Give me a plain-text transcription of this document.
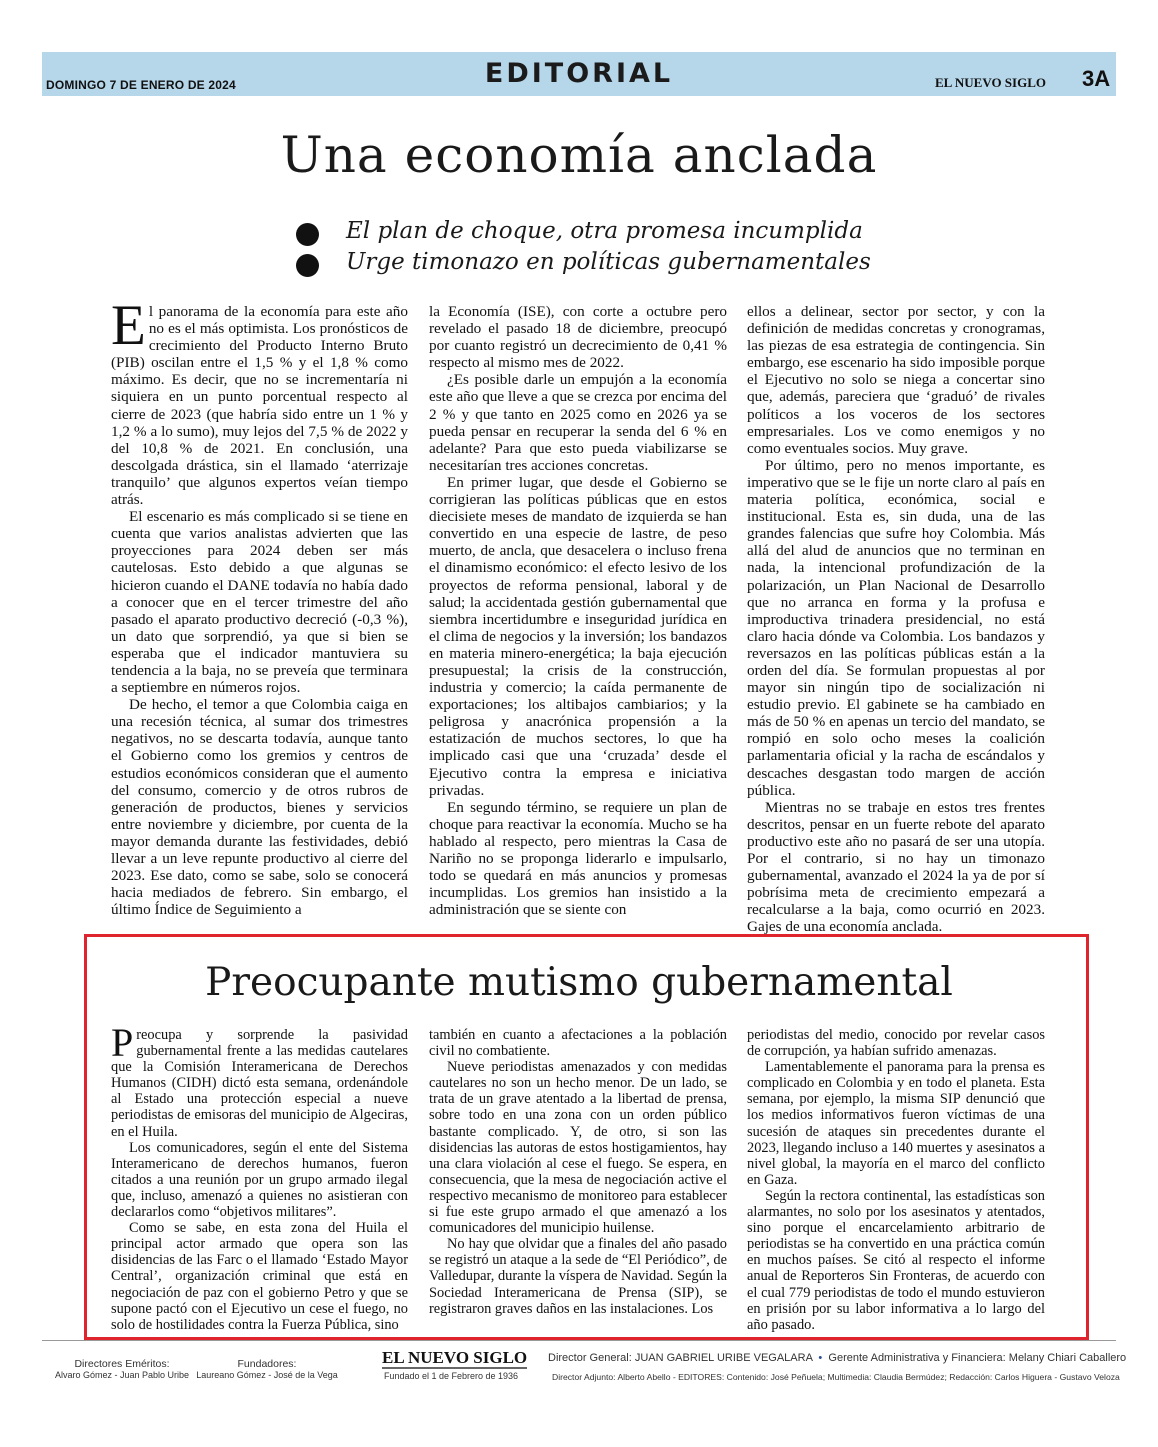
DOMINGO 7 DE ENERO DE 2024	EDITORIAL	EL NUEVO SIGLO 3A
Una economía anclada
El plan de choque, otra promesa incumplida
Urge timonazo en políticas gubernamentales

El panorama de la economía para este año no es el más optimista. Los pronósticos de crecimiento del Producto Interno Bruto (PIB) oscilan entre el 1,5 % y el 1,8 % como máximo. Es decir, que no se incrementaría ni siquiera en un punto porcentual respecto al cierre de 2023 (que habría sido entre un 1 % y 1,2 % a lo sumo), muy lejos del 7,5 % de 2022 y del 10,8 % de 2021. En conclusión, una descolgada drástica, sin el llamado ‘aterrizaje tranquilo’ que algunos expertos veían tiempo atrás.

El escenario es más complicado si se tiene en cuenta que varios analistas advierten que las proyecciones para 2024 deben ser más cautelosas. Esto debido a que algunas se hicieron cuando el DANE todavía no había dado a conocer que en el tercer trimestre del año pasado el aparato productivo decreció (-0,3 %), un dato que sorprendió, ya que si bien se esperaba que el indicador mantuviera su tendencia a la baja, no se preveía que terminara a septiembre en números rojos.

De hecho, el temor a que Colombia caiga en una recesión técnica, al sumar dos trimestres negativos, no se descarta todavía, aunque tanto el Gobierno como los gremios y centros de estudios económicos consideran que el aumento del consumo, comercio y de otros rubros de generación de productos, bienes y servicios entre noviembre y diciembre, por cuenta de la mayor demanda durante las festividades, debió llevar a un leve repunte productivo al cierre del 2023. Ese dato, como se sabe, solo se conocerá hacia mediados de febrero. Sin embargo, el último Índice de Seguimiento a

la Economía (ISE), con corte a octubre pero revelado el pasado 18 de diciembre, preocupó por cuanto registró un decrecimiento de 0,41 % respecto al mismo mes de 2022.

¿Es posible darle un empujón a la economía este año que lleve a que se crezca por encima del 2 % y que tanto en 2025 como en 2026 ya se pueda pensar en recuperar la senda del 6 % en adelante? Para que esto pueda viabilizarse se necesitarían tres acciones concretas.

En primer lugar, que desde el Gobierno se corrigieran las políticas públicas que en estos diecisiete meses de mandato de izquierda se han convertido en una especie de lastre, de peso muerto, de ancla, que desacelera o incluso frena el dinamismo económico: el efecto lesivo de los proyectos de reforma pensional, laboral y de salud; la accidentada gestión gubernamental que siembra incertidumbre e inseguridad jurídica en el clima de negocios y la inversión; los bandazos en materia minero-energética; la baja ejecución presupuestal; la crisis de la construcción, industria y comercio; la caída permanente de exportaciones; los altibajos cambiarios; y la peligrosa y anacrónica propensión a la estatización de muchos sectores, lo que ha implicado casi que una ‘cruzada’ desde el Ejecutivo contra la empresa e iniciativa privadas.

En segundo término, se requiere un plan de choque para reactivar la economía. Mucho se ha hablado al respecto, pero mientras la Casa de Nariño no se proponga liderarlo e impulsarlo, todo se quedará en más anuncios y promesas incumplidas. Los gremios han insistido a la administración que se siente con

ellos a delinear, sector por sector, y con la definición de medidas concretas y cronogramas, las piezas de esa estrategia de contingencia. Sin embargo, ese escenario ha sido imposible porque el Ejecutivo no solo se niega a concertar sino que, además, pareciera que ‘graduó’ de rivales políticos a los voceros de los sectores empresariales. Los ve como enemigos y no como eventuales socios. Muy grave.

Por último, pero no menos importante, es imperativo que se le fije un norte claro al país en materia política, económica, social e institucional. Esta es, sin duda, una de las grandes falencias que sufre hoy Colombia. Más allá del alud de anuncios que no terminan en nada, la intencional profundización de la polarización, un Plan Nacional de Desarrollo que no arranca en forma y la profusa e improductiva trinadera presidencial, no está claro hacia dónde va Colombia. Los bandazos y reversazos en las políticas públicas están a la orden del día. Se formulan propuestas al por mayor sin ningún tipo de socialización ni estudio previo. El gabinete se ha cambiado en más de 50 % en apenas un tercio del mandato, se rompió en solo ocho meses la coalición parlamentaria oficial y la racha de escándalos y descaches desgastan todo margen de acción pública.

Mientras no se trabaje en estos tres frentes descritos, pensar en un fuerte rebote del aparato productivo este año no pasará de ser una utopía. Por el contrario, si no hay un timonazo gubernamental, avanzado el 2024 la ya de por sí pobrísima meta de crecimiento empezará a recalcularse a la baja, como ocurrió en 2023. Gajes de una economía anclada.

Preocupante mutismo gubernamental

Preocupa y sorprende la pasividad gubernamental frente a las medidas cautelares que la Comisión Interamericana de Derechos Humanos (CIDH) dictó esta semana, ordenándole al Estado una protección especial a nueve periodistas de emisoras del municipio de Algeciras, en el Huila.

Los comunicadores, según el ente del Sistema Interamericano de derechos humanos, fueron citados a una reunión por un grupo armado ilegal que, incluso, amenazó a quienes no asistieran con declararlos como “objetivos militares”.

Como se sabe, en esta zona del Huila el principal actor armado que opera son las disidencias de las Farc o el llamado ‘Estado Mayor Central’, organización criminal que está en negociación de paz con el gobierno Petro y que se supone pactó con el Ejecutivo un cese el fuego, no solo de hostilidades contra la Fuerza Pública, sino

también en cuanto a afectaciones a la población civil no combatiente.

Nueve periodistas amenazados y con medidas cautelares no son un hecho menor. De un lado, se trata de un grave atentado a la libertad de prensa, sobre todo en una zona con un orden público bastante complicado. Y, de otro, si son las disidencias las autoras de estos hostigamientos, hay una clara violación al cese el fuego. Se espera, en consecuencia, que la mesa de negociación active el respectivo mecanismo de monitoreo para establecer si fue este grupo armado el que amenazó a los comunicadores del municipio huilense.

No hay que olvidar que a finales del año pasado se registró un ataque a la sede de “El Periódico”, de Valledupar, durante la víspera de Navidad. Según la Sociedad Interamericana de Prensa (SIP), se registraron graves daños en las instalaciones. Los

periodistas del medio, conocido por revelar casos de corrupción, ya habían sufrido amenazas.

Lamentablemente el panorama para la prensa es complicado en Colombia y en todo el planeta. Esta semana, por ejemplo, la misma SIP denunció que los medios informativos fueron víctimas de una sucesión de ataques sin precedentes durante el 2023, llegando incluso a 140 muertes y asesinatos a nivel global, la mayoría en el marco del conflicto en Gaza.

Según la rectora continental, las estadísticas son alarmantes, no solo por los asesinatos y atentados, sino porque el encarcelamiento arbitrario de periodistas se ha convertido en una práctica común en muchos países. Se citó al respecto el informe anual de Reporteros Sin Fronteras, de acuerdo con el cual 779 periodistas de todo el mundo estuvieron en prisión por su labor informativa a lo largo del año pasado.

Directores Eméritos:
Alvaro Gómez - Juan Pablo Uribe
Fundadores:
Laureano Gómez - José de la Vega
EL NUEVO SIGLO
Fundado el 1 de Febrero de 1936
Director General: JUAN GABRIEL URIBE VEGALARA  •  Gerente Administrativa y Financiera: Melany Chiari Caballero
Director Adjunto: Alberto Abello - EDITORES: Contenido: José Peñuela; Multimedia: Claudia Bermúdez; Redacción: Carlos Higuera - Gustavo Veloza
